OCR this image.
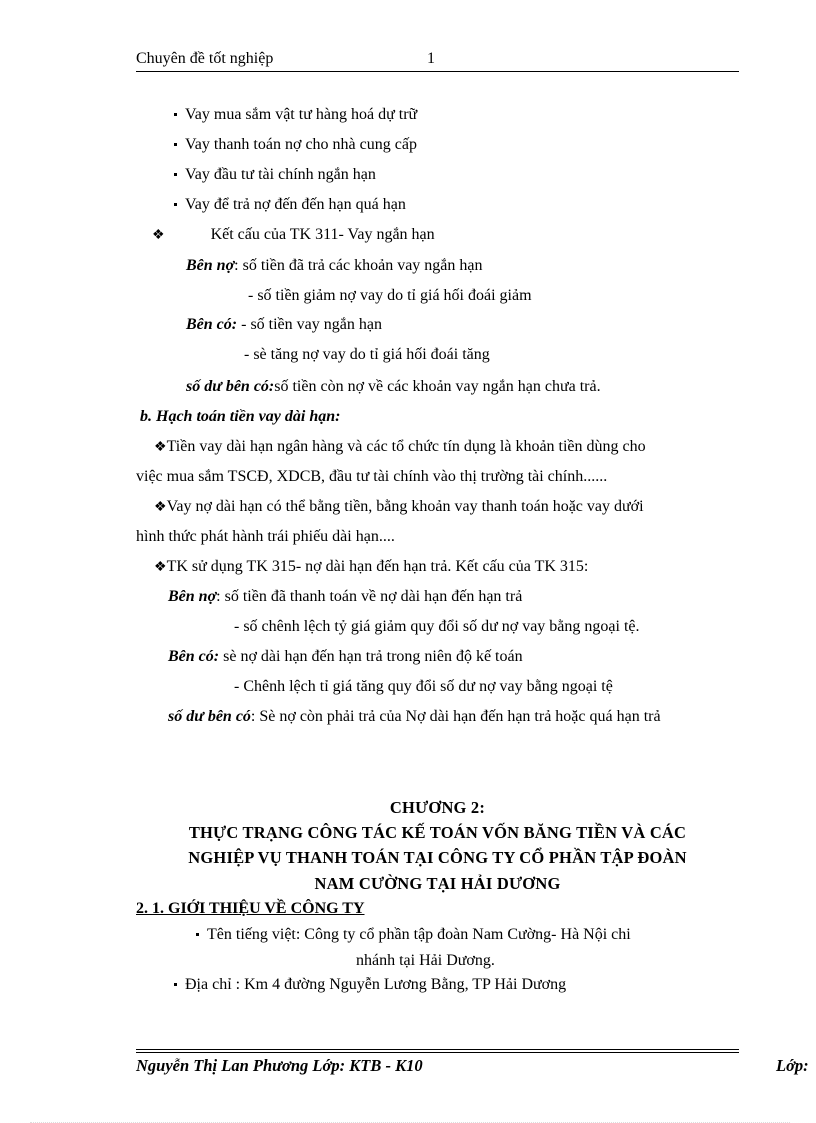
Chuyên đề tốt nghiệp	1
Vay mua sắm vật tư hàng hoá dự trữ
Vay thanh toán nợ cho nhà cung cấp
Vay đầu tư tài chính ngắn hạn
Vay để trả nợ đến đến hạn quá hạn
❖	Kết cấu của TK 311- Vay ngắn hạn
Bên nợ: số tiền đã trả các khoản vay ngắn hạn
- số tiền giảm nợ vay do tỉ giá hối đoái giảm
Bên có: - số tiền vay ngắn hạn
- sè tăng nợ vay do tỉ giá hối đoái tăng
số dư bên có:số tiền còn nợ về các khoản vay ngắn hạn chưa trả.
b. Hạch toán tiền vay dài hạn:
❖Tiền vay dài hạn ngân hàng và các tổ chức tín dụng là khoản tiền dùng cho
việc mua sắm TSCĐ, XDCB, đầu tư tài chính vào thị trường tài chính......
❖Vay nợ dài hạn có thể bằng tiền, bằng khoản vay thanh toán hoặc vay dưới
hình thức phát hành trái phiếu dài hạn....
❖TK sử dụng TK 315- nợ dài hạn đến hạn trả. Kết cấu của TK 315:
Bên nợ: số tiền đã thanh toán về nợ dài hạn đến hạn trả
- số chênh lệch tỷ giá giảm quy đổi số dư nợ vay bằng ngoại tệ.
Bên có: sè nợ dài hạn đến hạn trả trong niên độ kế toán
- Chênh lệch tỉ giá tăng quy đổi số dư nợ vay bằng ngoại tệ
số dư bên có: Sè nợ còn phải trả của Nợ dài hạn đến hạn trả hoặc quá hạn trả
CHƯƠNG 2:
THỰC TRẠNG CÔNG TÁC KẾ TOÁN VỐN BĂNG TIỀN VÀ CÁC
NGHIỆP VỤ THANH TOÁN TẠI CÔNG TY CỔ PHẦN TẬP ĐOÀN
NAM CƯỜNG TẠI HẢI DƯƠNG
2. 1. GIỚI THIỆU VỀ CÔNG TY
Tên tiếng việt: Công ty cổ phần tập đoàn Nam Cường- Hà Nội chi
nhánh tại Hải Dương.
Địa chỉ : Km 4 đường Nguyễn Lương Bằng, TP Hải Dương
Nguyễn Thị Lan Phương Lớp: KTB - K10	Lớp:
